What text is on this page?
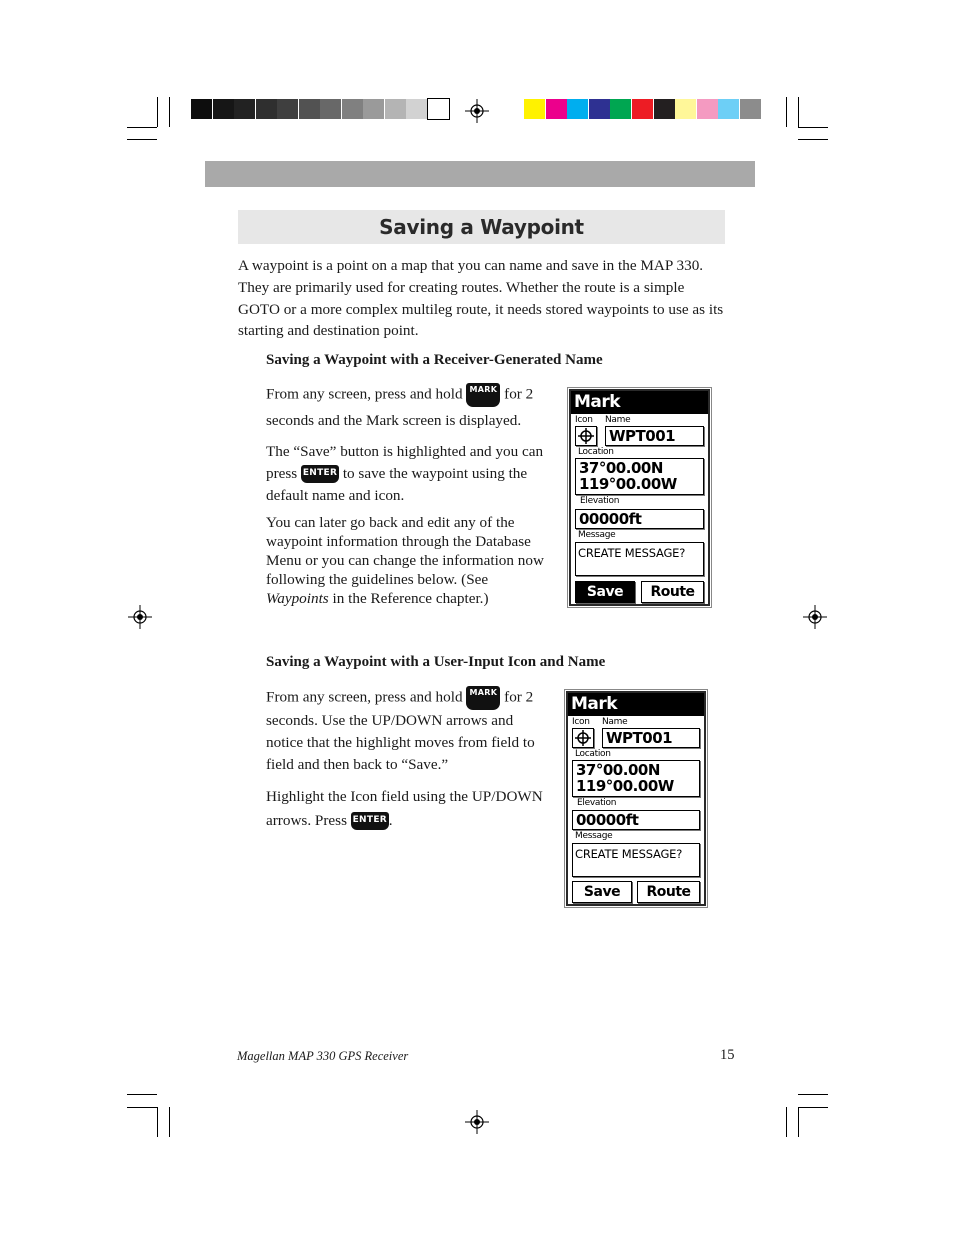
Saving a Waypoint
A waypoint is a point on a map that you can name and save in the MAP 330. They are primarily used for creating routes. Whether the route is a simple GOTO or a more complex multileg route, it needs stored waypoints to use as its starting and destination point.
Saving a Waypoint with a Receiver-Generated Name
From any screen, press and hold MARK for 2
seconds and the Mark screen is displayed.
The “Save” button is highlighted and you can
press ENTER to save the waypoint using the
default name and icon.
You can later go back and edit any of the waypoint information through the Database Menu or you can change the information now following the guidelines below. (See Waypoints in the Reference chapter.)
Mark
Icon Name
WPT001
Location
37°00.00N
119°00.00W
Elevation
00000ft
Message
CREATE MESSAGE?
Save	Route
Saving a Waypoint with a User-Input Icon and Name
From any screen, press and hold MARK for 2 seconds. Use the UP/DOWN arrows and notice that the highlight moves from field to field and then back to “Save.”
Highlight the Icon field using the UP/DOWN
arrows. Press ENTER .
Mark
Icon Name
WPT001
Location
37°00.00N
119°00.00W
Elevation
00000ft
Message
CREATE MESSAGE?
Save	Route
Magellan MAP 330 GPS Receiver	15
